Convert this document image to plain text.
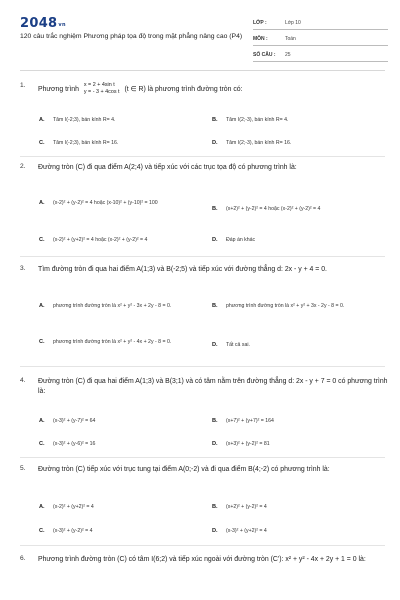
2048vn
120 câu trắc nghiệm Phương pháp tọa độ trong mặt phẳng nâng cao (P4)
LỚP :	Lớp 10
MÔN :	Toán
SỐ CÂU : 25
1.
Phương trình
x = 2 + 4sin t
y = - 3 + 4cos t (t ∈ R) là phương trình đường tròn có:
A. Tâm I(-2;3), bán kính R= 4.	B. Tâm I(2;-3), bán kính R= 4.
C. Tâm I(-2;3), bán kính R= 16.	D. Tâm I(2;-3), bán kính R= 16.
2. Đường tròn (C) đi qua điểm A(2;4) và tiếp xúc với các trục tọa độ có phương trình là:
A. (x-2)² + (y-2)² = 4 hoặc (x-10)² + (y-10)² = 100
B. (x+2)² + (y-2)² = 4 hoặc (x-2)² + (y-2)² = 4
C. (x-2)² + (y+2)² = 4 hoặc (x-2)² + (y-2)² = 4	D. Đáp án khác
3. Tìm đường tròn đi qua hai điểm A(1;3) và B(-2;5) và tiếp xúc với đường thẳng d: 2x - y + 4 = 0.
A. phương trình đường tròn là x² + y² - 3x + 2y - 8 = 0.	B. phương trình đường tròn là x² + y² + 3x - 2y - 8 = 0.
C. phương trình đường tròn là x² + y² - 4x + 2y - 8 = 0.	D. Tất cả sai.
4. Đường tròn (C) đi qua hai điểm A(1;3) và B(3;1) và có tâm nằm trên đường thẳng d: 2x - y + 7 = 0 có phương trình là:
A. (x-3)² + (y-7)² = 64	B. (x+7)² + (y+7)² = 164
C. (x-3)² + (y-6)² = 16	D. (x+3)² + (y-2)² = 81
5. Đường tròn (C) tiếp xúc với trục tung tại điểm A(0;-2) và đi qua điểm B(4;-2) có phương trình là:
A. (x-2)² + (y+2)² = 4	B. (x+2)² + (y-2)² = 4
C. (x-3)² + (y-2)² = 4	D. (x-3)² + (y+2)² = 4
6. Phương trình đường tròn (C) có tâm I(6;2) và tiếp xúc ngoài với đường tròn (C'): x² + y² - 4x + 2y + 1 = 0 là:
